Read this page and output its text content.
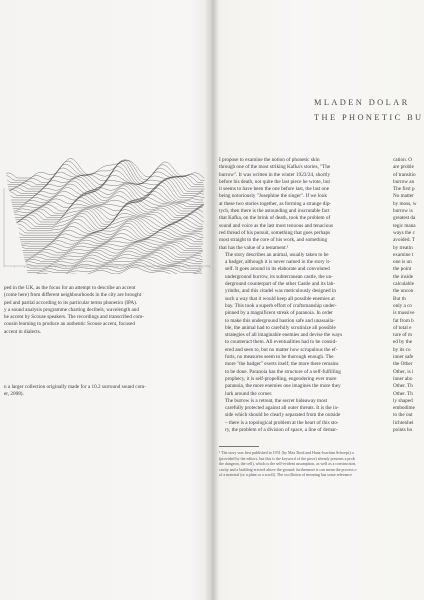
ped in the UK, as the focus for an attempt to describe an accent
(come here) from different neighbourhoods in the city are brought
ped and partial according to its particular terms phonetics (IPA).
y a sound analysis programme charting decibels, wavelength and
he accent by Scouse speakers. The recordings and transcribed com-
cousin learning to produce an authentic Scouse accent, focused
accent in dialects.
n a larger collection originally made for a 10.2 surround sound com-
er, 2008).
MLADEN DOLAR
THE PHONETIC BU

I propose to examine the notion of phonetic skin
through one of the most striking Kafka's stories, "The
burrow". It was written in the winter 1923/24, shortly
before his death, not quite the last piece he wrote, but
it seems to have been the one before last, the last one
being notoriously "Josephine the singer". If we look
at these two stories together, as forming a strange dip-
tych, then there is the astounding and inscrutable fact
that Kafka, on the brink of death, took the problem of
sound and voice as the last most tenuous and tenacious
red thread of his pursuit, something that goes perhaps
most straight to the core of his work, and something
that has the value of a testament.¹

The story describes an animal, usually taken to be
a badger, although it is never named in the story it-
self. It goes around in its elaborate and convoluted
underground burrow, its subterranean castle, the un-
derground counterpart of the other Castle and its lab-
yrinths, and this citadel was meticulously designed in
such a way that it would keep all possible enemies at
bay. This took a superb effort of craftsmanship under-
pinned by a magnificent streak of paranoia. In order
to make this underground bastion safe and unassaila-
ble, the animal had to carefully scrutinize all possible
strategies of all imaginable enemies and devise the ways
to counteract them. All eventualities had to be consid-
ered and seen to, but no matter how scrupulous the ef-
forts, no measures seem to be thorough enough. The
more "the badger" exerts itself, the more there remains
to be done. Paranoia has the structure of a self-fulfilling
prophecy, it is self-propelling, engendering ever more
paranoia, the more enemies one imagines the more they
lurk around the corner.

The burrow is a retreat, the secret hideaway most
carefully protected against all outer threats. It is the in-
side which should be clearly separated from the outside
– there is a topological problem at the heart of this sto-
ry, the problem of a division of space, a line of demar-

cation. O
are proble
of transitio
burrow an
The first p
No matter
by moss, w
burrow is
greatest da
tegic mana
ways the c
avoided. T
by treatin
examine t
one is un
the point
the inside
calculable
the uncon
But th
only a co
is massive
fat from b
of total e
ture of m
ed by the
by its co
inner safe
the Other
Other, is i
inner abo
Other. Th
Other. Th
ly shaped
embodime
to the out
lichtenhei
points ho
¹ The story was first published in 1931 (by Max Brod and Hans-Joachim Schoeps) u
(provided by the editors, but this is the keyword of the piece) already presents a prob
the dungeon, the cell), which is the self-evident assumption, as well as a construction,
cavity and a building erected above the ground; furthermore it can mean the process o
of a material (or a plant or a scroll). The oscillation of meaning has some relevance
